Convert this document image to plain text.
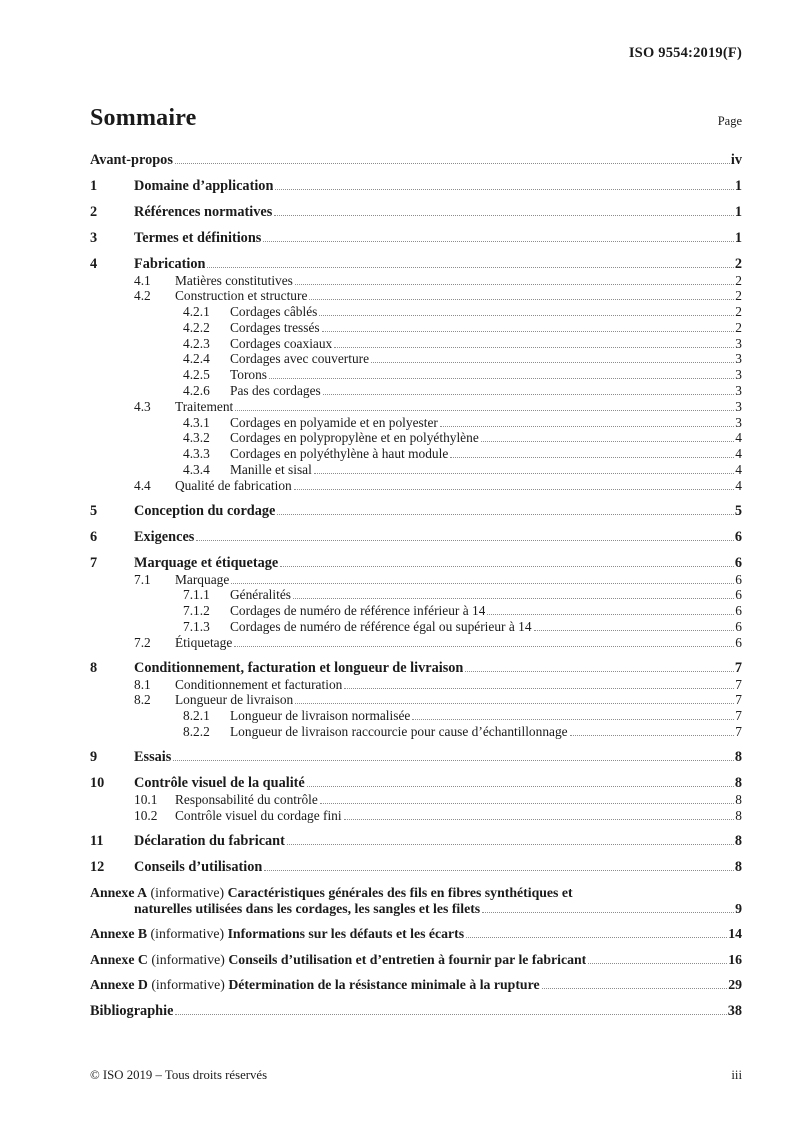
ISO 9554:2019(F)
Sommaire	Page
Avant-propos	iv
1	Domaine d’application	1
2	Références normatives	1
3	Termes et définitions	1
4	Fabrication	2
4.1	Matières constitutives	2
4.2	Construction et structure	2
4.2.1	Cordages câblés	2
4.2.2	Cordages tressés	2
4.2.3	Cordages coaxiaux	3
4.2.4	Cordages avec couverture	3
4.2.5	Torons	3
4.2.6	Pas des cordages	3
4.3	Traitement	3
4.3.1	Cordages en polyamide et en polyester	3
4.3.2	Cordages en polypropylène et en polyéthylène	4
4.3.3	Cordages en polyéthylène à haut module	4
4.3.4	Manille et sisal	4
4.4	Qualité de fabrication	4
5	Conception du cordage	5
6	Exigences	6
7	Marquage et étiquetage	6
7.1	Marquage	6
7.1.1	Généralités	6
7.1.2	Cordages de numéro de référence inférieur à 14	6
7.1.3	Cordages de numéro de référence égal ou supérieur à 14	6
7.2	Étiquetage	6
8	Conditionnement, facturation et longueur de livraison	7
8.1	Conditionnement et facturation	7
8.2	Longueur de livraison	7
8.2.1	Longueur de livraison normalisée	7
8.2.2	Longueur de livraison raccourcie pour cause d’échantillonnage	7
9	Essais	8
10	Contrôle visuel de la qualité	8
10.1	Responsabilité du contrôle	8
10.2	Contrôle visuel du cordage fini	8
11	Déclaration du fabricant	8
12	Conseils d’utilisation	8
Annexe A (informative) Caractéristiques générales des fils en fibres synthétiques et
naturelles utilisées dans les cordages, les sangles et les filets	9
Annexe B (informative) Informations sur les défauts et les écarts	14
Annexe C (informative) Conseils d’utilisation et d’entretien à fournir par le fabricant	16
Annexe D (informative) Détermination de la résistance minimale à la rupture	29
Bibliographie	38
© ISO 2019 – Tous droits réservés	iii
